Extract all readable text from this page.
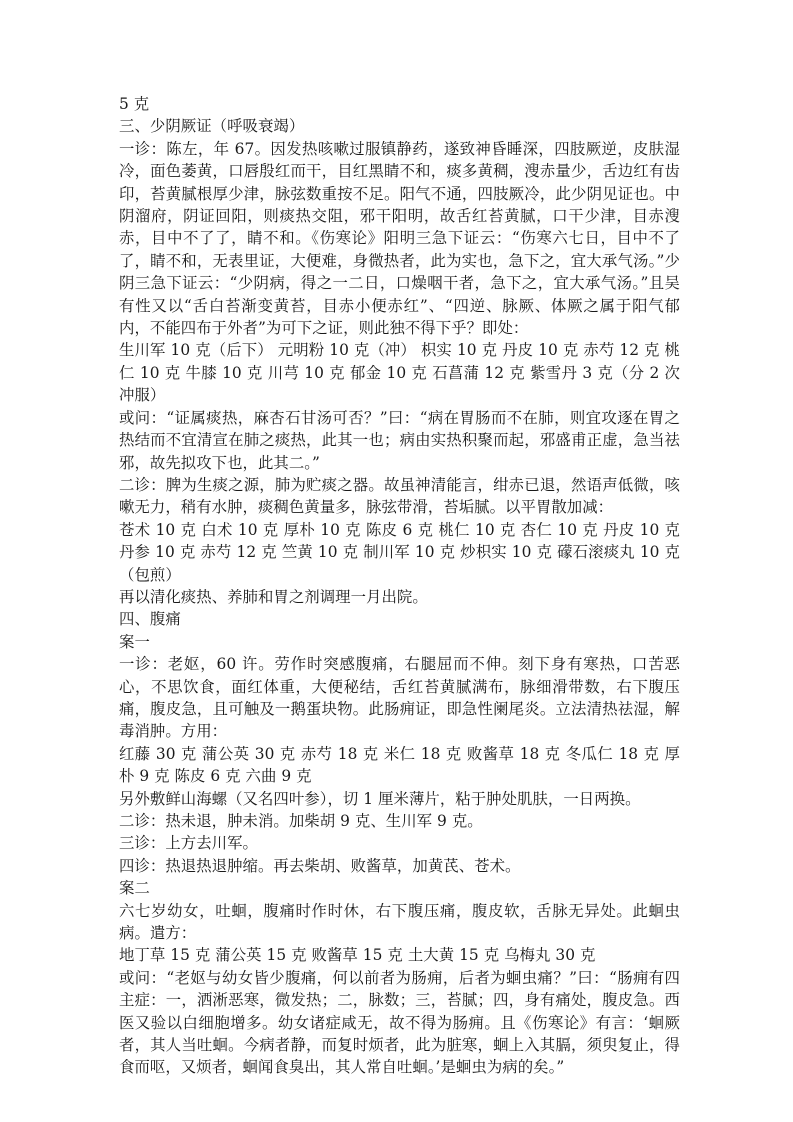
5 克

三、少阴厥证（呼吸衰竭）

一诊：陈左，年 67。因发热咳嗽过服镇静药，遂致神昏睡深，四肢厥逆，皮肤湿冷，面色萎黄，口唇殷红而干，目红黑睛不和，痰多黄稠，溲赤量少，舌边红有齿印，苔黄腻根厚少津，脉弦数重按不足。阳气不通，四肢厥冷，此少阴见证也。中阴溜府，阴证回阳，则痰热交阻，邪干阳明，故舌红苔黄腻，口干少津，目赤溲赤，目中不了了，睛不和。《伤寒论》阳明三急下证云：“伤寒六七日，目中不了了，睛不和，无表里证，大便难，身微热者，此为实也，急下之，宜大承气汤。”少阴三急下证云：“少阴病，得之一二日，口燥咽干者，急下之，宜大承气汤。”且吴有性又以“舌白苔渐变黄苔，目赤小便赤红”、“四逆、脉厥、体厥之属于阳气郁内，不能四布于外者”为可下之证，则此独不得下乎？即处：

生川军 10 克（后下） 元明粉 10 克（冲） 枳实 10 克 丹皮 10 克 赤芍 12 克 桃仁 10 克 牛膝 10 克 川芎 10 克 郁金 10 克 石菖蒲 12 克 紫雪丹 3 克（分 2 次冲服）

或问：“证属痰热，麻杏石甘汤可否？”曰：“病在胃肠而不在肺，则宜攻逐在胃之热结而不宜清宣在肺之痰热，此其一也；病由实热积聚而起，邪盛甫正虚，急当祛邪，故先拟攻下也，此其二。”

二诊：脾为生痰之源，肺为贮痰之器。故虽神清能言，绀赤已退，然语声低微，咳嗽无力，稍有水肿，痰稠色黄量多，脉弦带滑，苔垢腻。以平胃散加减：

苍术 10 克 白术 10 克 厚朴 10 克 陈皮 6 克 桃仁 10 克 杏仁 10 克 丹皮 10 克 丹参 10 克 赤芍 12 克 竺黄 10 克 制川军 10 克 炒枳实 10 克 礞石滚痰丸 10 克（包煎）

再以清化痰热、养肺和胃之剂调理一月出院。

四、腹痛

案一

一诊：老妪，60 许。劳作时突感腹痛，右腿屈而不伸。刻下身有寒热，口苦恶心，不思饮食，面红体重，大便秘结，舌红苔黄腻满布，脉细滑带数，右下腹压痛，腹皮急，且可触及一鹅蛋块物。此肠痈证，即急性阑尾炎。立法清热祛湿，解毒消肿。方用：

红藤 30 克 蒲公英 30 克 赤芍 18 克 米仁 18 克 败酱草 18 克 冬瓜仁 18 克 厚朴 9 克 陈皮 6 克 六曲 9 克

另外敷鲜山海螺（又名四叶参），切 1 厘米薄片，粘于肿处肌肤，一日两换。

二诊：热未退，肿未消。加柴胡 9 克、生川军 9 克。

三诊：上方去川军。

四诊：热退热退肿缩。再去柴胡、败酱草，加黄芪、苍术。

案二

六七岁幼女，吐蛔，腹痛时作时休，右下腹压痛，腹皮软，舌脉无异处。此蛔虫病。遣方：

地丁草 15 克 蒲公英 15 克 败酱草 15 克 土大黄 15 克 乌梅丸 30 克

或问：“老妪与幼女皆少腹痛，何以前者为肠痈，后者为蛔虫痛？”曰：“肠痈有四主症：一，洒淅恶寒，微发热；二，脉数；三，苔腻；四，身有痛处，腹皮急。西医又验以白细胞增多。幼女诸症咸无，故不得为肠痈。且《伤寒论》有言：‘蛔厥者，其人当吐蛔。今病者静，而复时烦者，此为脏寒，蛔上入其膈，须臾复止，得食而呕，又烦者，蛔闻食臭出，其人常自吐蛔。’是蛔虫为病的矣。”
